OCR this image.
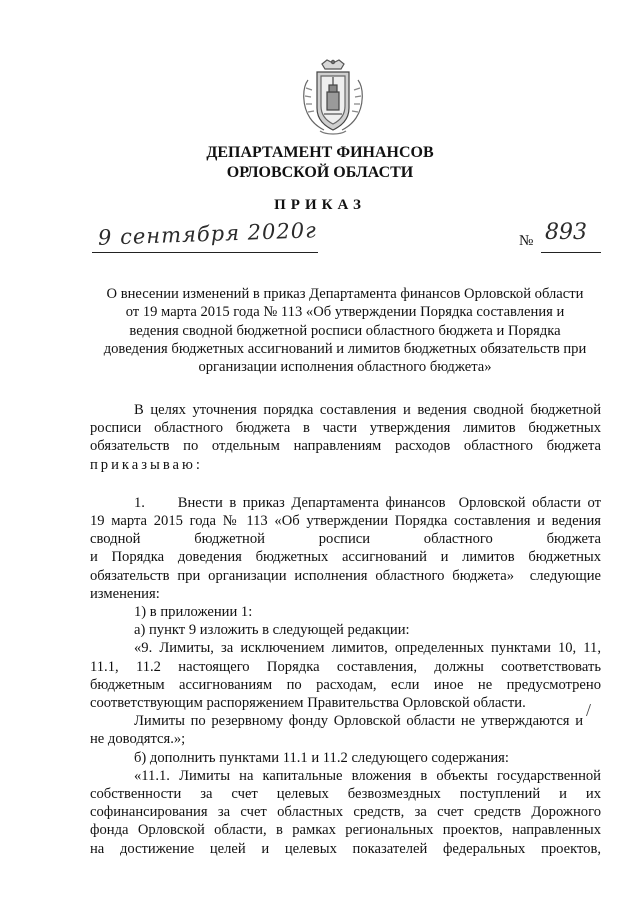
ДЕПАРТАМЕНТ ФИНАНСОВ
ОРЛОВСКОЙ ОБЛАСТИ
ПРИКАЗ
9 сентября 2020г	№ 893
О внесении изменений в приказ Департамента финансов Орловской области
от 19 марта 2015 года № 113 «Об утверждении Порядка составления и
ведения сводной бюджетной росписи областного бюджета и Порядка
доведения бюджетных ассигнований и лимитов бюджетных обязательств при
организации исполнения областного бюджета»

В целях уточнения порядка составления и ведения сводной бюджетной

росписи областного бюджета в части утверждения лимитов бюджетных

обязательств по отдельным направлениям расходов областного бюджета

приказываю:

1.     Внести в приказ Департамента финансов  Орловской области от

19 марта 2015 года № 113 «Об утверждении Порядка составления и ведения

сводной          бюджетной          росписи          областного          бюджета

и Порядка доведения бюджетных ассигнований и лимитов бюджетных

обязательств при организации исполнения областного бюджета»  следующие

изменения:

1) в приложении 1:

а) пункт 9 изложить в следующей редакции:

«9. Лимиты, за исключением лимитов, определенных пунктами 10, 11,

11.1, 11.2 настоящего Порядка составления, должны соответствовать

бюджетным ассигнованиям по расходам, если иное не предусмотрено

соответствующим распоряжением Правительства Орловской области.

Лимиты по резервному фонду Орловской области не утверждаются и

не доводятся.»;

б) дополнить пунктами 11.1 и 11.2 следующего содержания:

«11.1. Лимиты на капитальные вложения в объекты государственной

собственности за счет целевых безвозмездных поступлений и их

софинансирования за счет областных средств, за счет средств Дорожного

фонда Орловской области, в рамках региональных проектов, направленных

на достижение целей и целевых показателей федеральных проектов,

/
